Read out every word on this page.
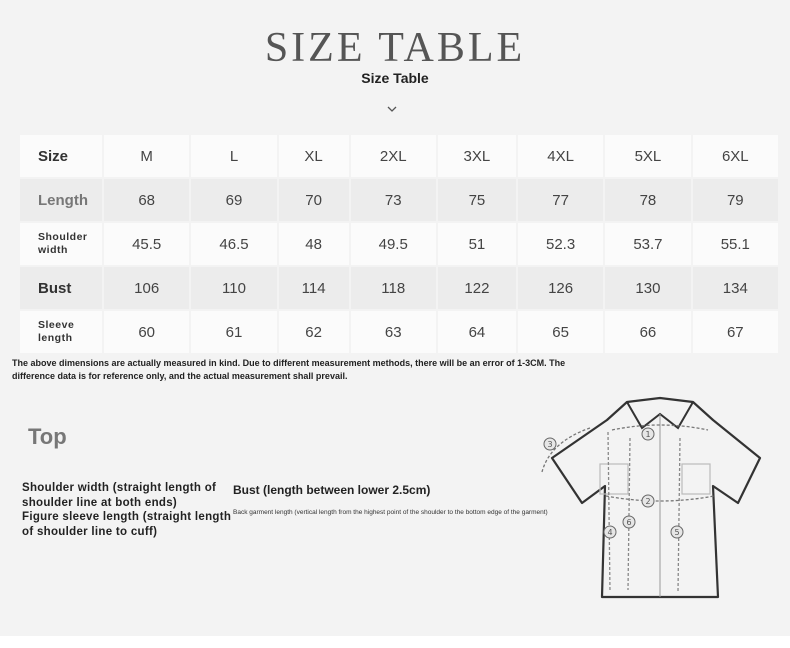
SIZE TABLE
Size Table
Size	M	L	XL	2XL	3XL	4XL	5XL	6XL
Length	68	69	70	73	75	77	78	79
Shoulder width	45.5	46.5	48	49.5	51	52.3	53.7	55.1
Bust	106	110	114	118	122	126	130	134
Sleeve length	60	61	62	63	64	65	66	67
The above dimensions are actually measured in kind. Due to different measurement methods, there will be an error of 1-3CM. The difference data is for reference only, and the actual measurement shall prevail.
Top
Shoulder width (straight length of shoulder line at both ends)
Figure sleeve length (straight length of shoulder line to cuff)
Bust (length between lower 2.5cm)
Back garment length (vertical length from the highest point of the shoulder to the bottom edge of the garment)
1
2
3
4	5
6
